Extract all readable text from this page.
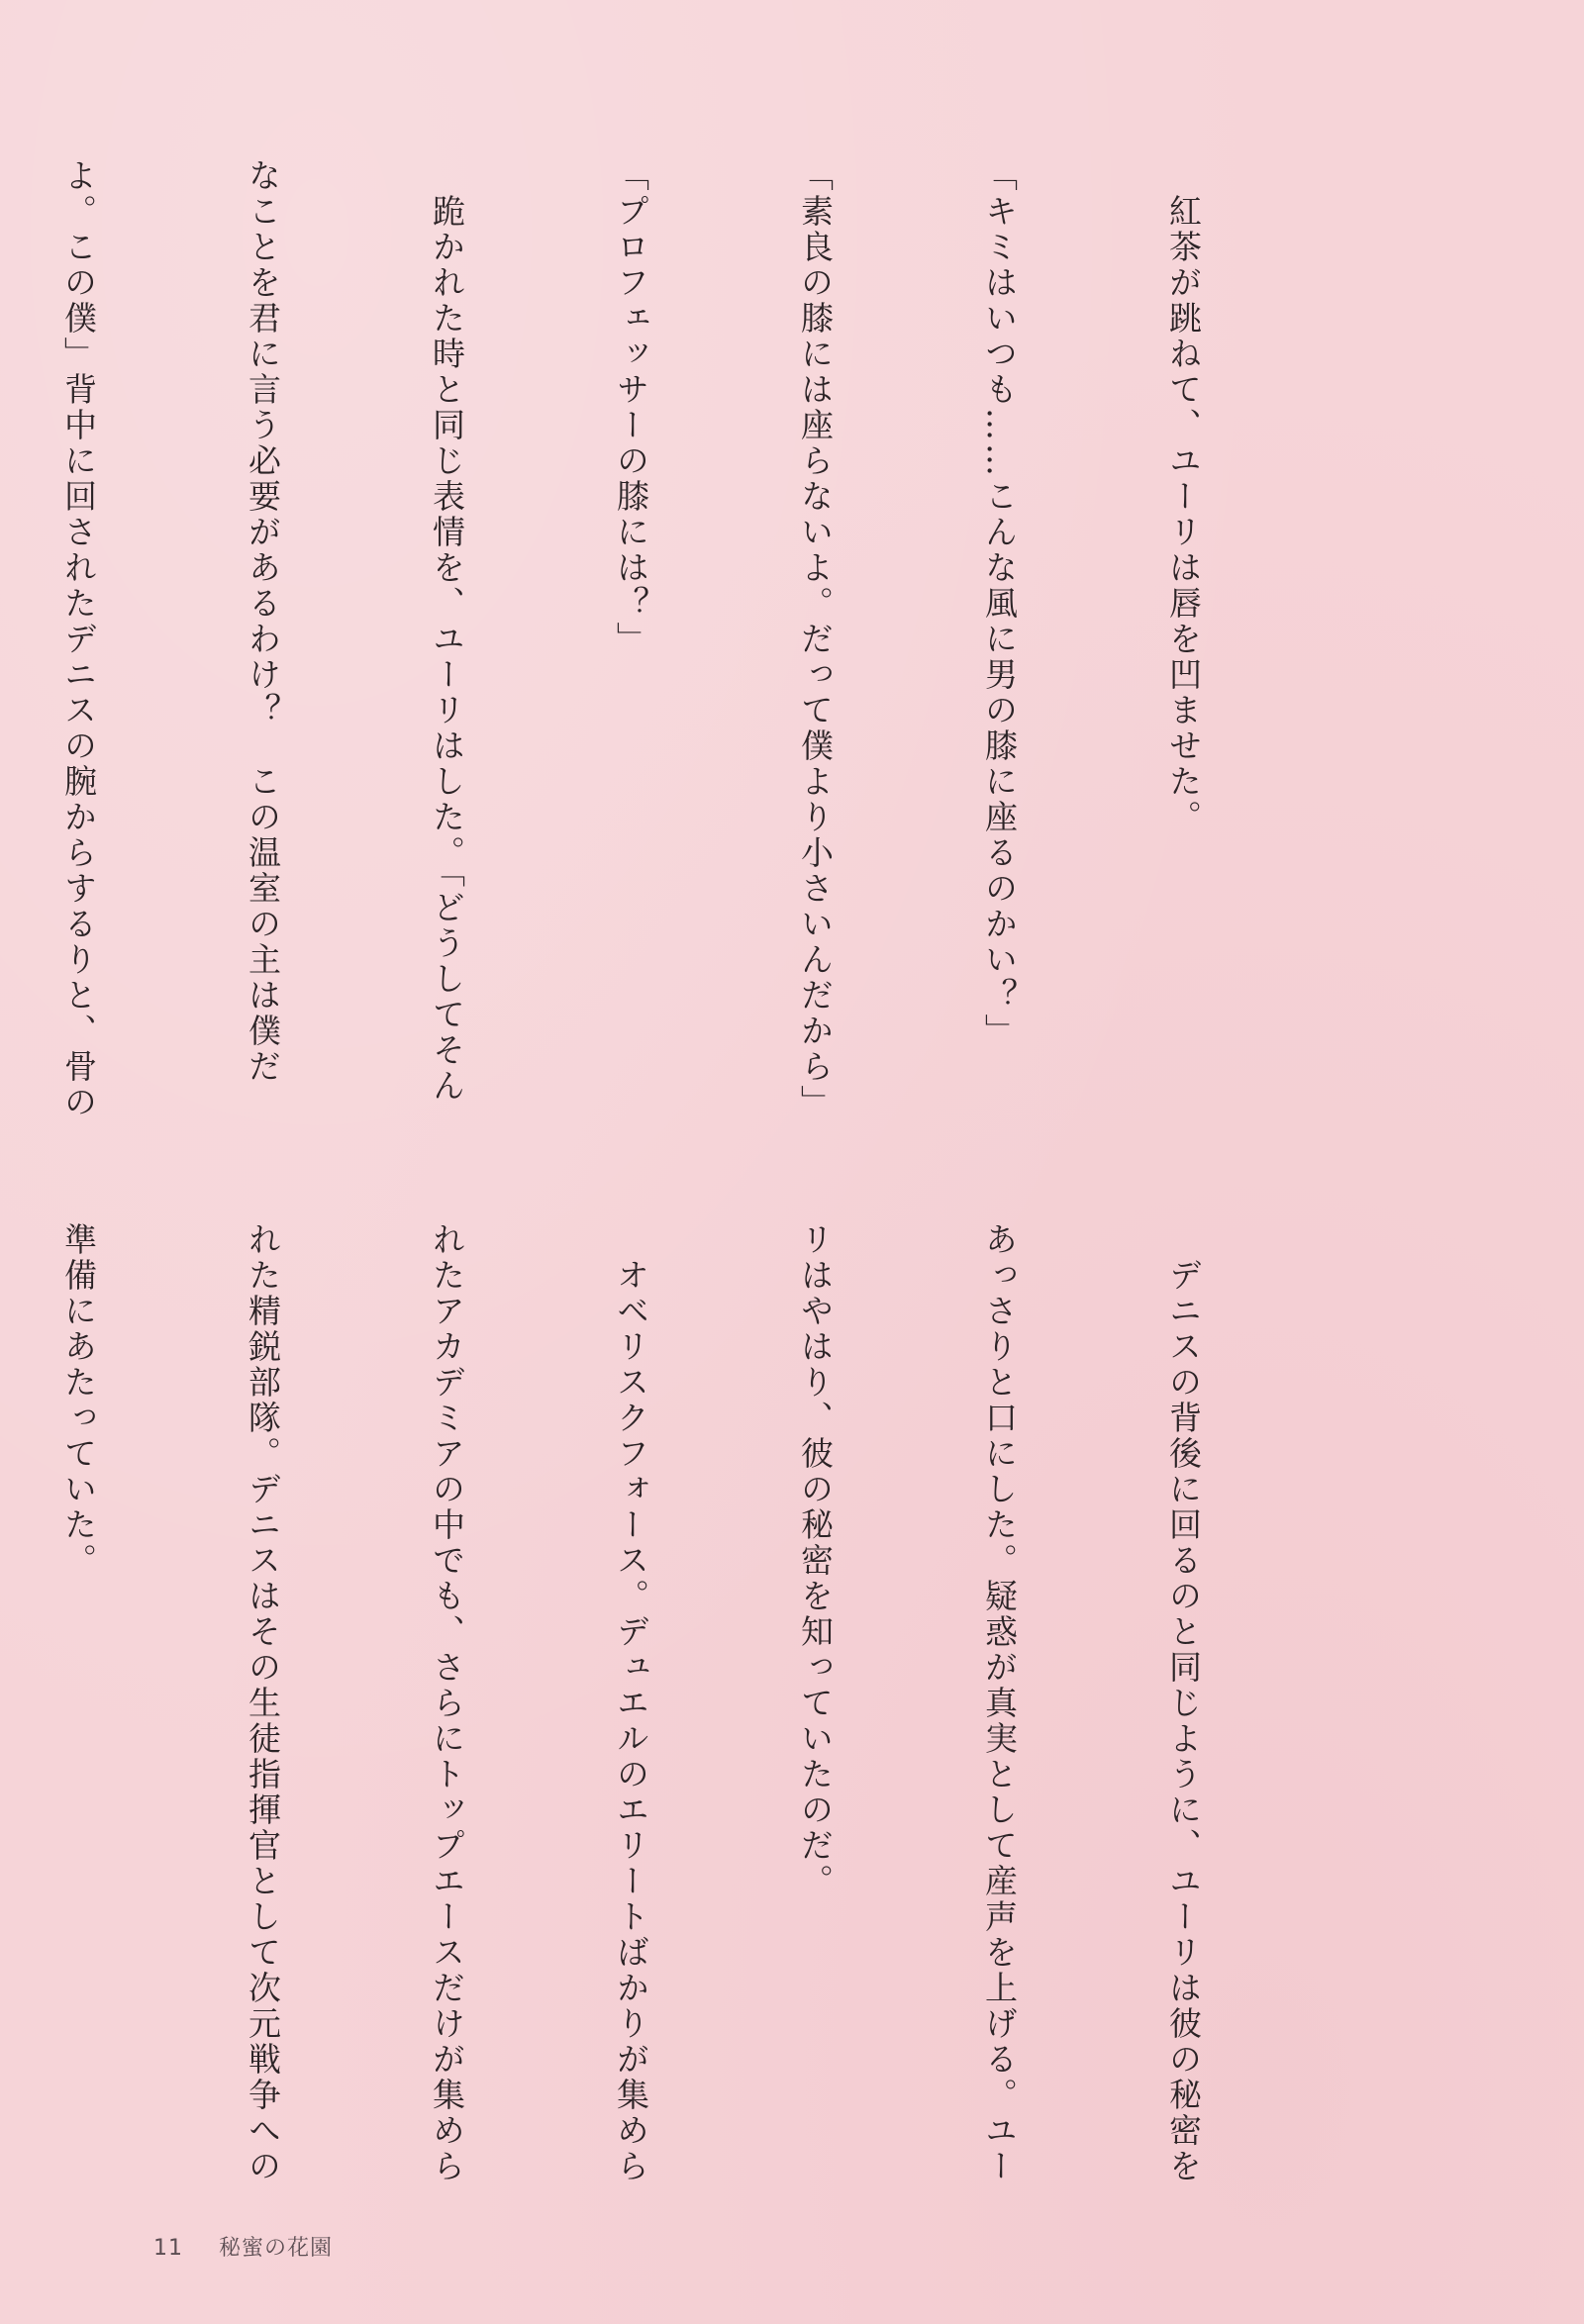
　紅茶が跳ねて、ユーリは唇を凹ませた。

「キミはいつも……こんな風に男の膝に座るのかい？」

「素良の膝には座らないよ。だって僕より小さいんだから」

「プロフェッサーの膝には？」

　跪かれた時と同じ表情を、ユーリはした。「どうしてそん

なことを君に言う必要があるわけ？　この温室の主は僕だ

よ。この僕」背中に回されたデニスの腕からするりと、骨の

　デニスの背後に回るのと同じように、ユーリは彼の秘密を

あっさりと口にした。疑惑が真実として産声を上げる。ユー

リはやはり、彼の秘密を知っていたのだ。

　オベリスクフォース。デュエルのエリートばかりが集めら

れたアカデミアの中でも、さらにトップエースだけが集めら

れた精鋭部隊。デニスはその生徒指揮官として次元戦争への

準備にあたっていた。

11 秘蜜の花園
